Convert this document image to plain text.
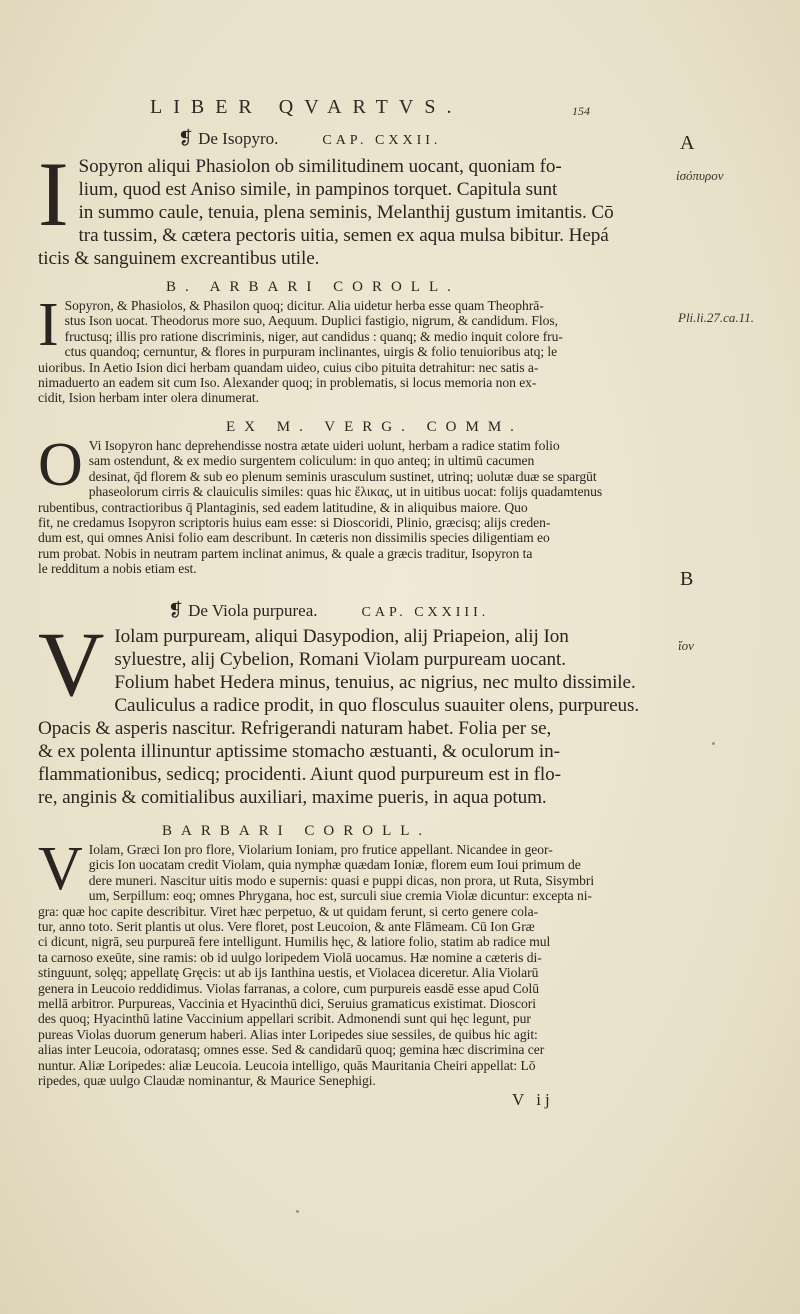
LIBER QVARTVS.	154
❡ De Isopyro.	CAP. CXXII.
I Sopyron aliqui Phasiolon ob similitudinem uocant, quoniam fo-
lium, quod est Aniso simile, in pampinos torquet. Capitula sunt
in summo caule, tenuia, plena seminis, Melanthij gustum imitantis. Cō
tra tussim, & cætera pectoris uitia, semen ex aqua mulsa bibitur. Hepá
ticis & sanguinem excreantibus utile.
B. ARBARI COROLL.
I Sopyron, & Phasiolos, & Phasilon quoq; dicitur. Alia uidetur herba esse quam Theophrā-
stus Ison uocat. Theodorus more suo, Aequum. Duplici fastigio, nigrum, & candidum. Flos,
fructusq; illis pro ratione discriminis, niger, aut candidus : quanq; & medio inquit colore fru-
ctus quandoq; cernuntur, & flores in purpuram inclinantes, uirgis & folio tenuioribus atq; le
uioribus. In Aetio Ision dici herbam quandam uideo, cuius cibo pituita detrahitur: nec satis a-
nimaduerto an eadem sit cum Iso. Alexander quoq; in problematis, si locus memoria non ex-
cidit, Ision herbam inter olera dinumerat.
EX M. VERG. COMM.
O Vi Isopyron hanc deprehendisse nostra ætate uideri uolunt, herbam a radice statim folio
sam ostendunt, & ex medio surgentem coliculum: in quo anteq; in ultimū cacumen
desinat, q̄d florem & sub eo plenum seminis urasculum sustinet, utrinq; uolutæ duæ se spargūt
phaseolorum cirris & clauiculis similes: quas hic ἕλικας, ut in uitibus uocat: folijs quadamtenus
rubentibus, contractioribus q̄ Plantaginis, sed eadem latitudine, & in aliquibus maiore. Quo
fit, ne credamus Isopyron scriptoris huius eam esse: si Dioscoridi, Plinio, græcisq; alijs creden-
dum est, qui omnes Anisi folio eam describunt. In cæteris non dissimilis species diligentiam eo
rum probat. Nobis in neutram partem inclinat animus, & quale a græcis traditur, Isopyron ta
le redditum a nobis etiam est.
❡ De Viola purpurea.	CAP. CXXIII.
V Iolam purpuream, aliqui Dasypodion, alij Priapeion, alij Ion
syluestre, alij Cybelion, Romani Violam purpuream uocant.
Folium habet Hedera minus, tenuius, ac nigrius, nec multo dissimile.
Cauliculus a radice prodit, in quo flosculus suauiter olens, purpureus.
Opacis & asperis nascitur. Refrigerandi naturam habet. Folia per se,
& ex polenta illinuntur aptissime stomacho æstuanti, & oculorum in-
flammationibus, sedicq; procidenti. Aiunt quod purpureum est in flo-
re, anginis & comitialibus auxiliari, maxime pueris, in aqua potum.
BARBARI COROLL.
V Iolam, Græci Ion pro flore, Violarium Ioniam, pro frutice appellant. Nicandee in geor-
gicis Ion uocatam credit Violam, quia nymphæ quædam Ioniæ, florem eum Ioui primum de
dere muneri. Nascitur uitis modo e supernis: quasi e puppi dicas, non prora, ut Ruta, Sisymbri
um, Serpillum: eoq; omnes Phrygana, hoc est, surculi siue cremia Violæ dicuntur: excepta ni-
gra: quæ hoc capite describitur. Viret hæc perpetuo, & ut quidam ferunt, si certo genere cola-
tur, anno toto. Serit plantis ut olus. Vere floret, post Leucoion, & ante Flāmeam. Cū Ion Græ
ci dicunt, nigrā, seu purpureā fere intelligunt. Humilis hęc, & latiore folio, statim ab radice mul
ta carnoso exeūte, sine ramis: ob id uulgo loripedem Violā uocamus. Hæ nomine a cæteris di-
stinguunt, solęq; appellatę Gręcis: ut ab ijs Ianthina uestis, et Violacea diceretur. Alia Violarū
genera in Leucoio reddidimus. Violas farranas, a colore, cum purpureis easdē esse apud Colū
mellā arbitror. Purpureas, Vaccinia et Hyacinthū dici, Seruius gramaticus existimat. Dioscori
des quoq; Hyacinthū latine Vaccinium appellari scribit. Admonendi sunt qui hęc legunt, pur
pureas Violas duorum generum haberi. Alias inter Loripedes siue sessiles, de quibus hic agit:
alias inter Leucoia, odoratasq; omnes esse. Sed & candidarū quoq; gemina hæc discrimina cer
nuntur. Aliæ Loripedes: aliæ Leucoia. Leucoia intelligo, quās Mauritania Cheiri appellat: Lō
ripedes, quæ uulgo Claudæ nominantur, & Maurice Senephigi.
A
ἱσόπυρον
Pli.li.27.ca.11.
B
ἴον
V ij
